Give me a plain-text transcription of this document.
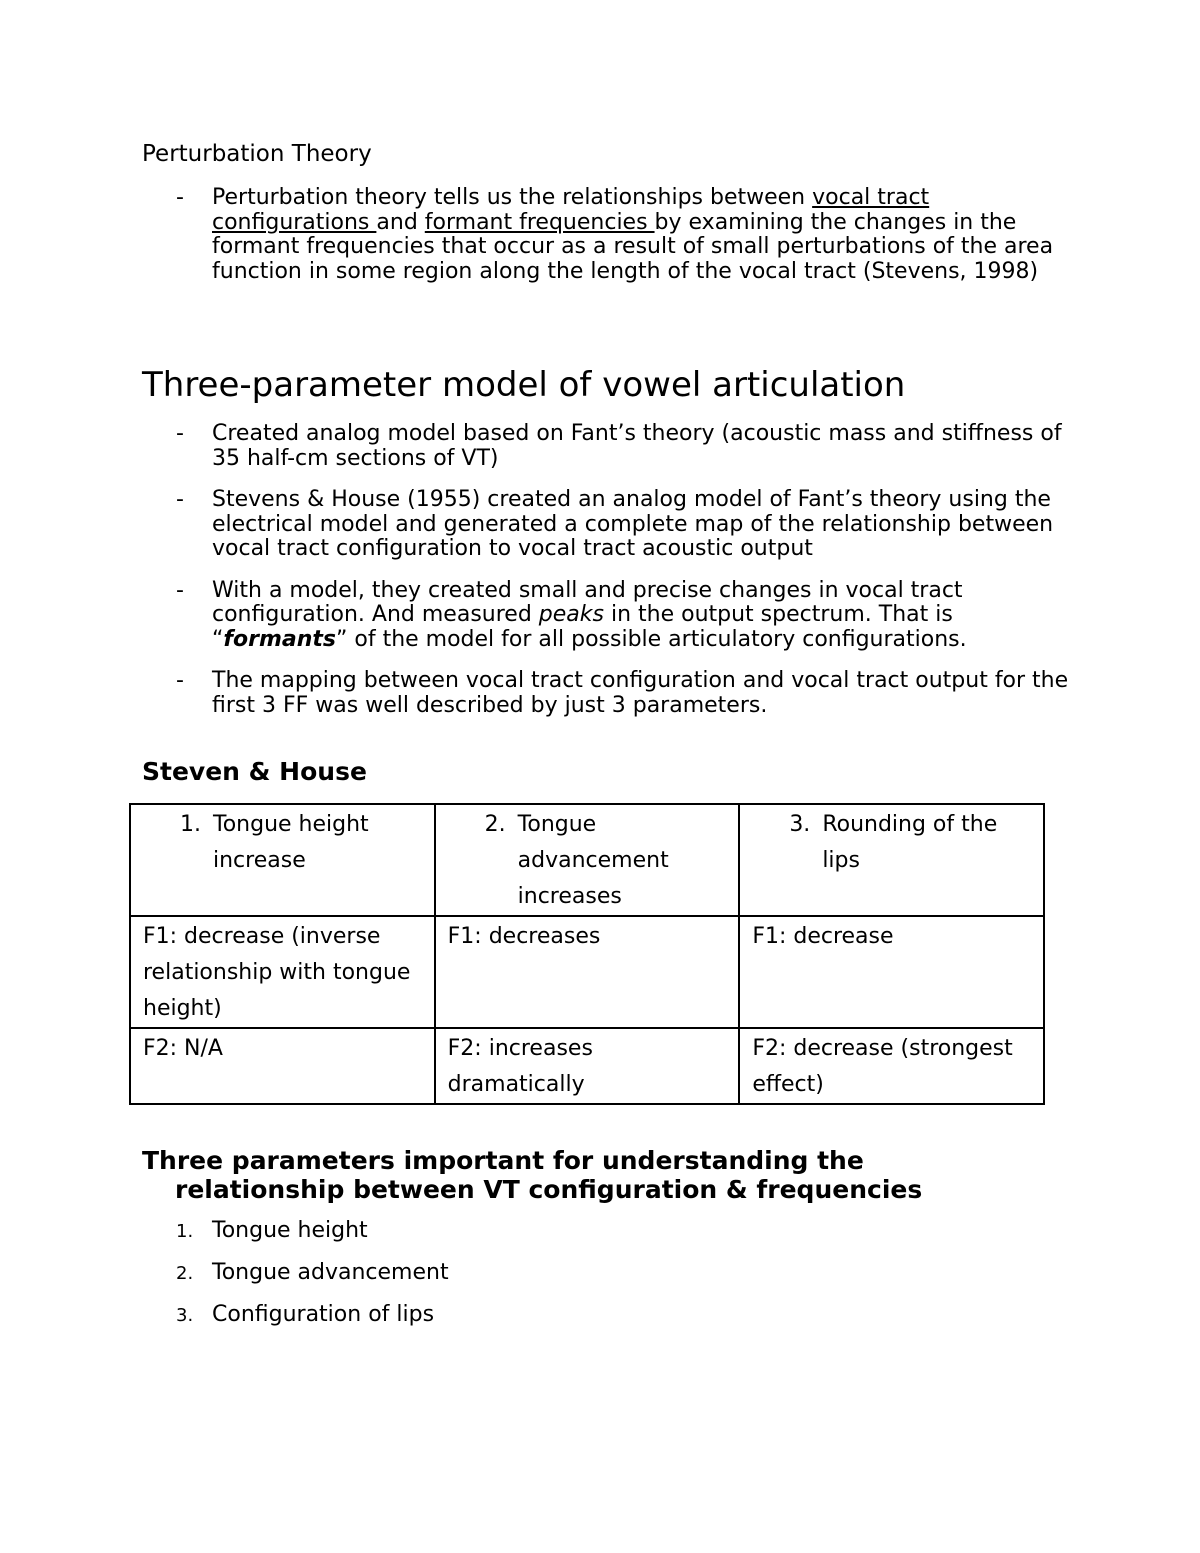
Perturbation Theory
- Perturbation theory tells us the relationships between vocal tract configurations and formant frequencies by examining the changes in the formant frequencies that occur as a result of small perturbations of the area function in some region along the length of the vocal tract (Stevens, 1998)
Three-parameter model of vowel articulation
- Created analog model based on Fant’s theory (acoustic mass and stiffness of 35 half-cm sections of VT)
- Stevens & House (1955) created an analog model of Fant’s theory using the electrical model and generated a complete map of the relationship between vocal tract configuration to vocal tract acoustic output
- With a model, they created small and precise changes in vocal tract configuration. And measured peaks in the output spectrum. That is “formants” of the model for all possible articulatory configurations.
- The mapping between vocal tract configuration and vocal tract output for the first 3 FF was well described by just 3 parameters.
Steven & House
1. Tongue height increase	2. Tongue advancement increases	3. Rounding of the lips

F1: decrease (inverse relationship with tongue height)	F1: decreases	F1: decrease
F2: N/A	F2: increases dramatically	F2: decrease (strongest effect)
Three parameters important for understanding the
relationship between VT configuration & frequencies
1. Tongue height
2. Tongue advancement
3. Configuration of lips
